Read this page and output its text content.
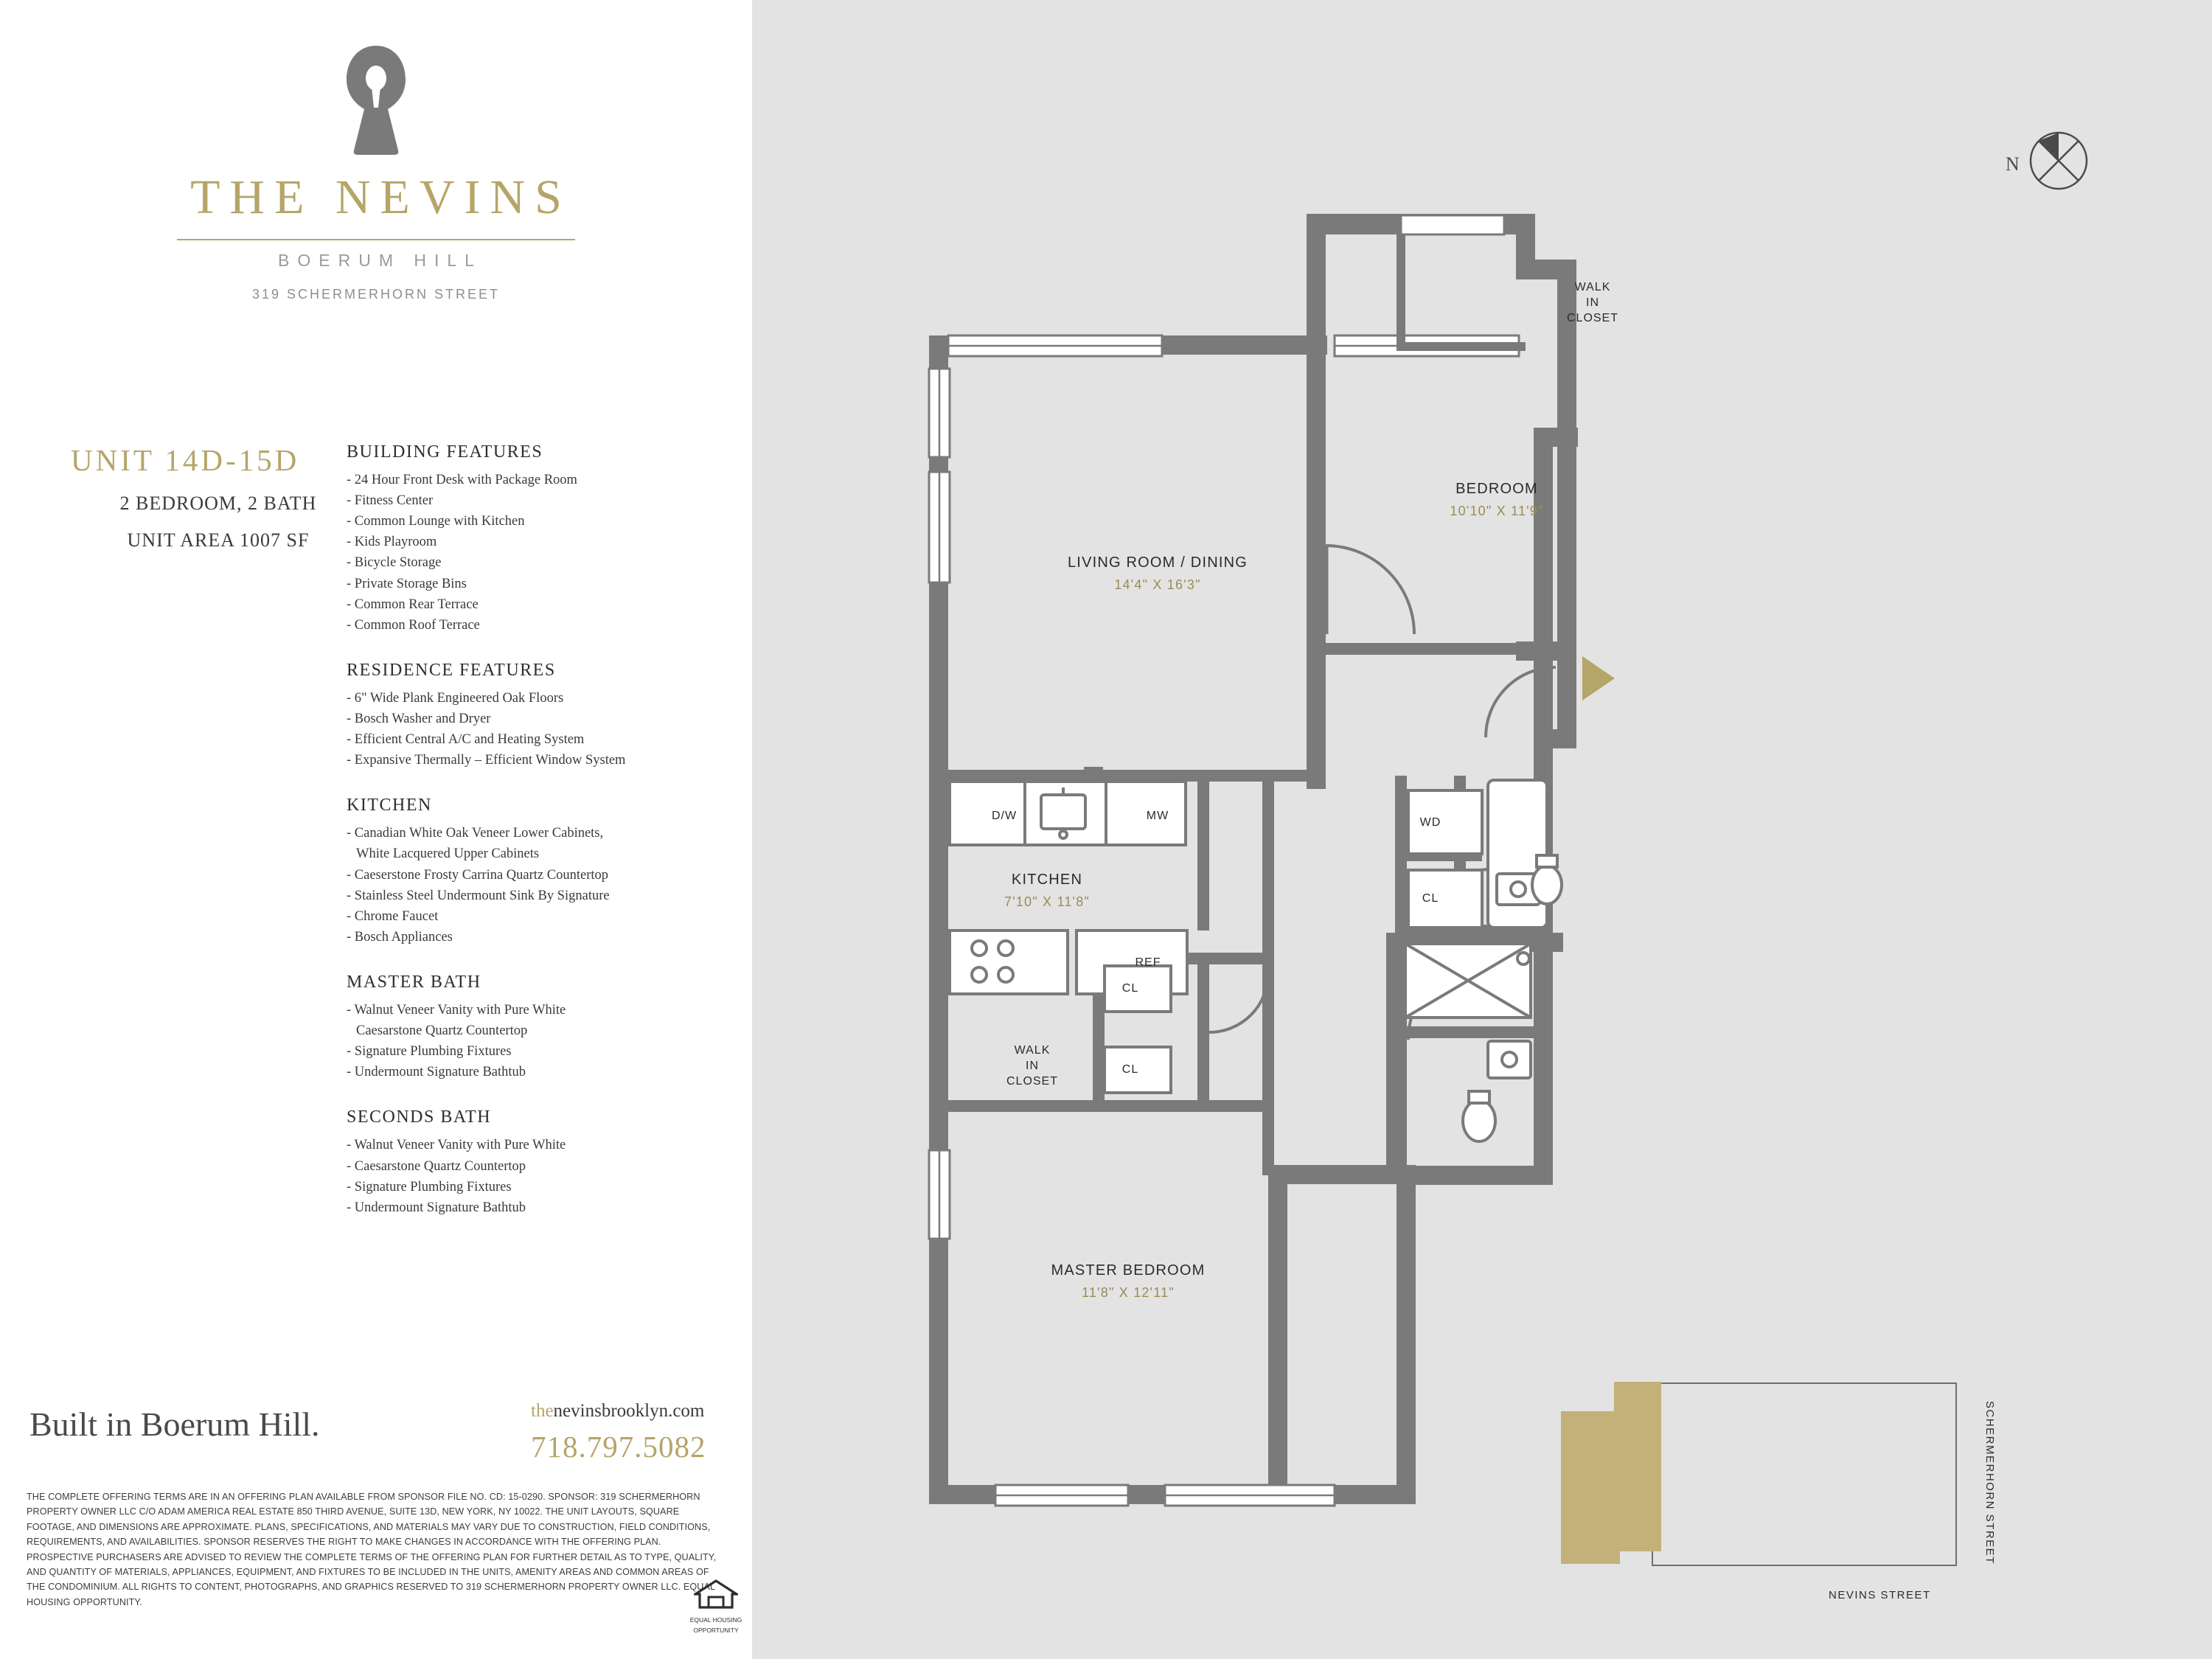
THE NEVINS
BOERUM HILL
319 SCHERMERHORN STREET
UNIT 14D-15D
2 BEDROOM, 2 BATH
UNIT AREA 1007 SF
BUILDING FEATURES
- 24 Hour Front Desk with Package Room
- Fitness Center
- Common Lounge with Kitchen
- Kids Playroom
- Bicycle Storage
- Private Storage Bins
- Common Rear Terrace
- Common Roof Terrace
RESIDENCE FEATURES
- 6" Wide Plank Engineered Oak Floors
- Bosch Washer and Dryer
- Efficient Central A/C and Heating System
- Expansive Thermally – Efficient Window System
KITCHEN
- Canadian White Oak Veneer Lower Cabinets,
White Lacquered Upper Cabinets
- Caeserstone Frosty Carrina Quartz Countertop
- Stainless Steel Undermount Sink By Signature
- Chrome Faucet
- Bosch Appliances
MASTER BATH
- Walnut Veneer Vanity with Pure White
Caesarstone Quartz Countertop
- Signature Plumbing Fixtures
- Undermount Signature Bathtub
SECONDS BATH
- Walnut Veneer Vanity with Pure White
- Caesarstone Quartz Countertop
- Signature Plumbing Fixtures
- Undermount Signature Bathtub
Built in Boerum Hill.	thenevinsbrooklyn.com
718.797.5082
THE COMPLETE OFFERING TERMS ARE IN AN OFFERING PLAN AVAILABLE FROM SPONSOR FILE NO. CD: 15-0290. SPONSOR: 319 SCHERMERHORN PROPERTY OWNER LLC C/O ADAM AMERICA REAL ESTATE 850 THIRD AVENUE, SUITE 13D, NEW YORK, NY 10022. THE UNIT LAYOUTS, SQUARE FOOTAGE, AND DIMENSIONS ARE APPROXIMATE. PLANS, SPECIFICATIONS, AND MATERIALS MAY VARY DUE TO CONSTRUCTION, FIELD CONDITIONS, REQUIREMENTS, AND AVAILABILITIES. SPONSOR RESERVES THE RIGHT TO MAKE CHANGES IN ACCORDANCE WITH THE OFFERING PLAN. PROSPECTIVE PURCHASERS ARE ADVISED TO REVIEW THE COMPLETE TERMS OF THE OFFERING PLAN FOR FURTHER DETAIL AS TO TYPE, QUALITY, AND QUANTITY OF MATERIALS, APPLIANCES, EQUIPMENT, AND FIXTURES TO BE INCLUDED IN THE UNITS, AMENITY AREAS AND COMMON AREAS OF THE CONDOMINIUM. ALL RIGHTS TO CONTENT, PHOTOGRAPHS, AND GRAPHICS RESERVED TO 319 SCHERMERHORN PROPERTY OWNER LLC. EQUAL HOUSING OPPORTUNITY.
EQUAL HOUSING
OPPORTUNITY
N
WALK
IN
CLOSET
BEDROOM
10'10" X 11'9"
LIVING ROOM / DINING
14'4" X 16'3"
KITCHEN
7'10" X 11'8"
WALK
IN
CLOSET
MASTER BEDROOM
11'8" X 12'11"
D/W	MW
REF
WD
CL
CL
CL
SCHERMERHORN STREET
NEVINS STREET
